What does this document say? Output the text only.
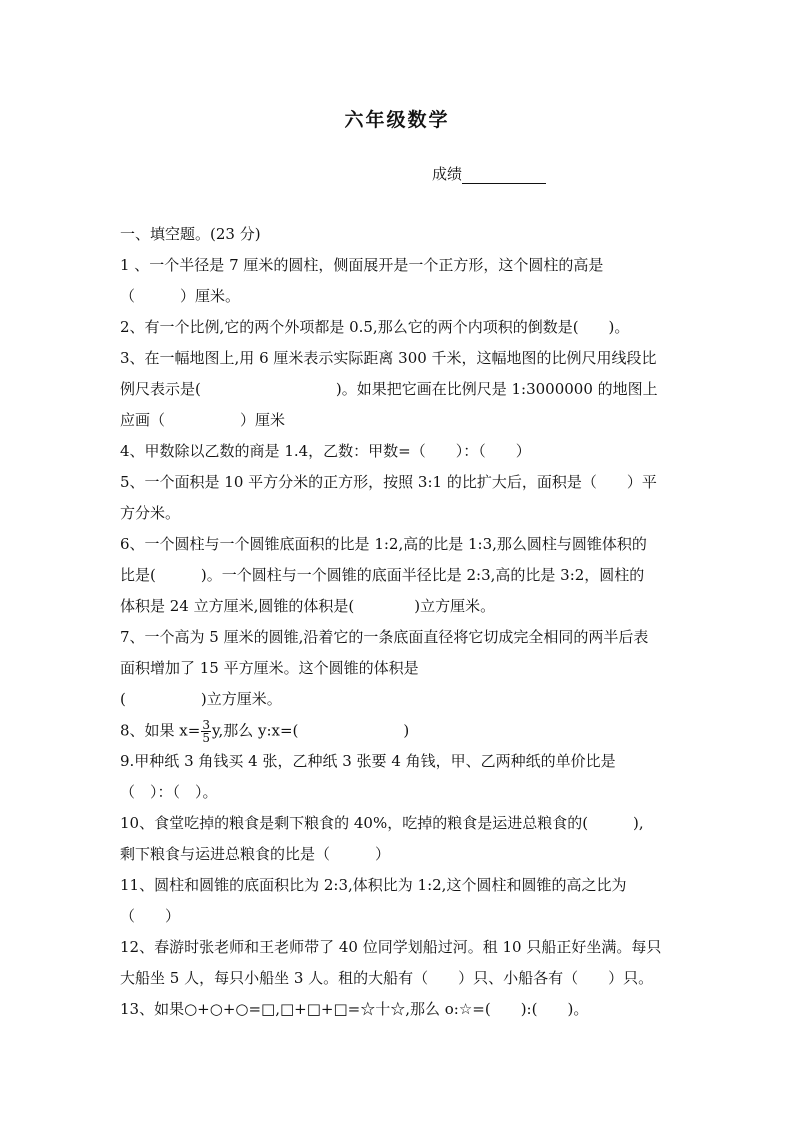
六年级数学
成绩
一、填空题。(23 分)
1 、一个半径是 7 厘米的圆柱，侧面展开是一个正方形，这个圆柱的高是
（　　　）厘米。
2、有一个比例,它的两个外项都是 0.5,那么它的两个内项积的倒数是(　　)。
3、在一幅地图上,用 6 厘米表示实际距离 300 千米，这幅地图的比例尺用线段比
例尺表示是(　　　　　　　　　)。如果把它画在比例尺是 1:3000000 的地图上
应画（　　　　　）厘米
4、甲数除以乙数的商是 1.4，乙数：甲数=（　　）：（　　）
5、一个面积是 10 平方分米的正方形，按照 3:1 的比扩大后，面积是（　　）平
方分米。
6、一个圆柱与一个圆锥底面积的比是 1:2,高的比是 1:3,那么圆柱与圆锥体积的
比是(　　　)。一个圆柱与一个圆锥的底面半径比是 2:3,高的比是 3:2，圆柱的
体积是 24 立方厘米,圆锥的体积是(　　　　)立方厘米。
7、一个高为 5 厘米的圆锥,沿着它的一条底面直径将它切成完全相同的两半后表
面积增加了 15 平方厘米。这个圆锥的体积是
(　　　　　)立方厘米。
8、如果 $x= \frac{3}{5} y$,那么 y:x=(　　　　　　　)
9.甲种纸 3 角钱买 4 张，乙种纸 3 张要 4 角钱，甲、乙两种纸的单价比是
（　）：（　）。
10、食堂吃掉的粮食是剩下粮食的 40%，吃掉的粮食是运进总粮食的(　　　),
剩下粮食与运进总粮食的比是（　　　）
11、圆柱和圆锥的底面积比为 2:3,体积比为 1:2,这个圆柱和圆锥的高之比为
（　　）
12、春游时张老师和王老师带了 40 位同学划船过河。租 10 只船正好坐满。每只
大船坐 5 人，每只小船坐 3 人。租的大船有（　　）只、小船各有（　　）只。
13、如果○+○+○=□,□+□+□=☆十☆,那么 o:☆=(　　):(　　)。
